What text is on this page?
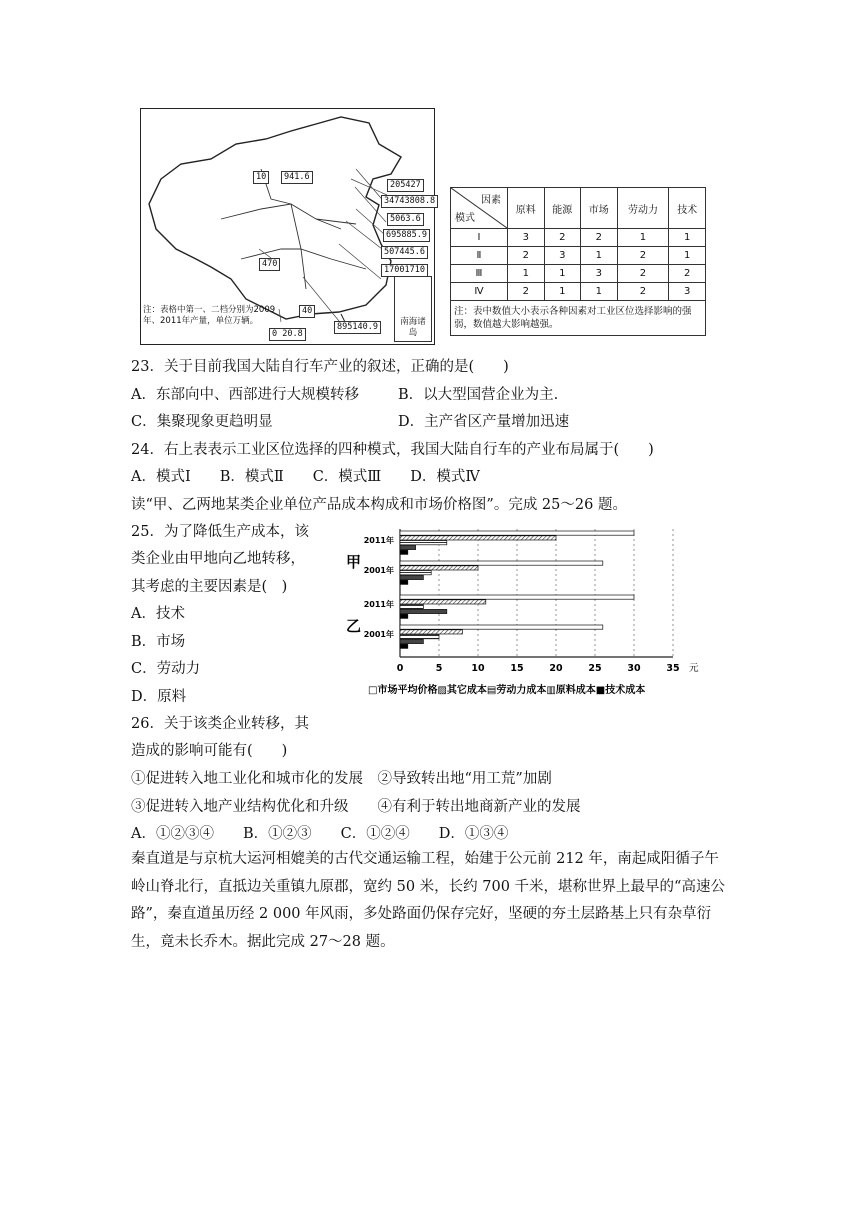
10	941.6
205427
34743808.8
5063.6
695885.9
507445.6
17001710
470
40
0 20.8
895140.9
注：表格中第一、二档分别为2009年、2011年产量，单位万辆。	南海诸岛
因素
模式	原料	能源	市场	劳动力	技术
Ⅰ	3	2	2	1	1
Ⅱ	2	3	1	2	1
Ⅲ	1	1	3	2	2
Ⅳ	2	1	1	2	3
注：表中数值大小表示各种因素对工业区位选择影响的强弱，数值越大影响越强。					
23．关于目前我国大陆自行车产业的叙述，正确的是(　　)
A．东部向中、西部进行大规模转移	B．以大型国营企业为主.
C．集聚现象更趋明显	D．主产省区产量增加迅速
24．右上表表示工业区位选择的四种模式，我国大陆自行车的产业布局属于(　　)
A．模式Ⅰ　　B．模式Ⅱ　　C．模式Ⅲ　　D．模式Ⅳ
读“甲、乙两地某类企业单位产品成本构成和市场价格图”。完成 25～26 题。
25．为了降低生产成本，该
类企业由甲地向乙地转移，
其考虑的主要因素是(　)
A．技术
B．市场
C．劳动力
D．原料
0	5	10	15	20	25	30	35 元
2011年
2001年
甲
2011年
2001年
乙
□市场平均价格▨其它成本▤劳动力成本▥原料成本■技术成本
26．关于该类企业转移，其
造成的影响可能有(　　)
①促进转入地工业化和城市化的发展　②导致转出地“用工荒”加剧
③促进转入地产业结构优化和升级　　④有利于转出地商新产业的发展
A．①②③④　　B．①②③　　C．①②④　　D．①③④
秦直道是与京杭大运河相媲美的古代交通运输工程，始建于公元前 212 年，南起咸阳循子午岭山脊北行，直抵边关重镇九原郡，宽约 50 米，长约 700 千米，堪称世界上最早的“高速公路”，秦直道虽历经 2 000 年风雨，多处路面仍保存完好，坚硬的夯土层路基上只有杂草衍生，竟未长乔木。据此完成 27～28 题。
